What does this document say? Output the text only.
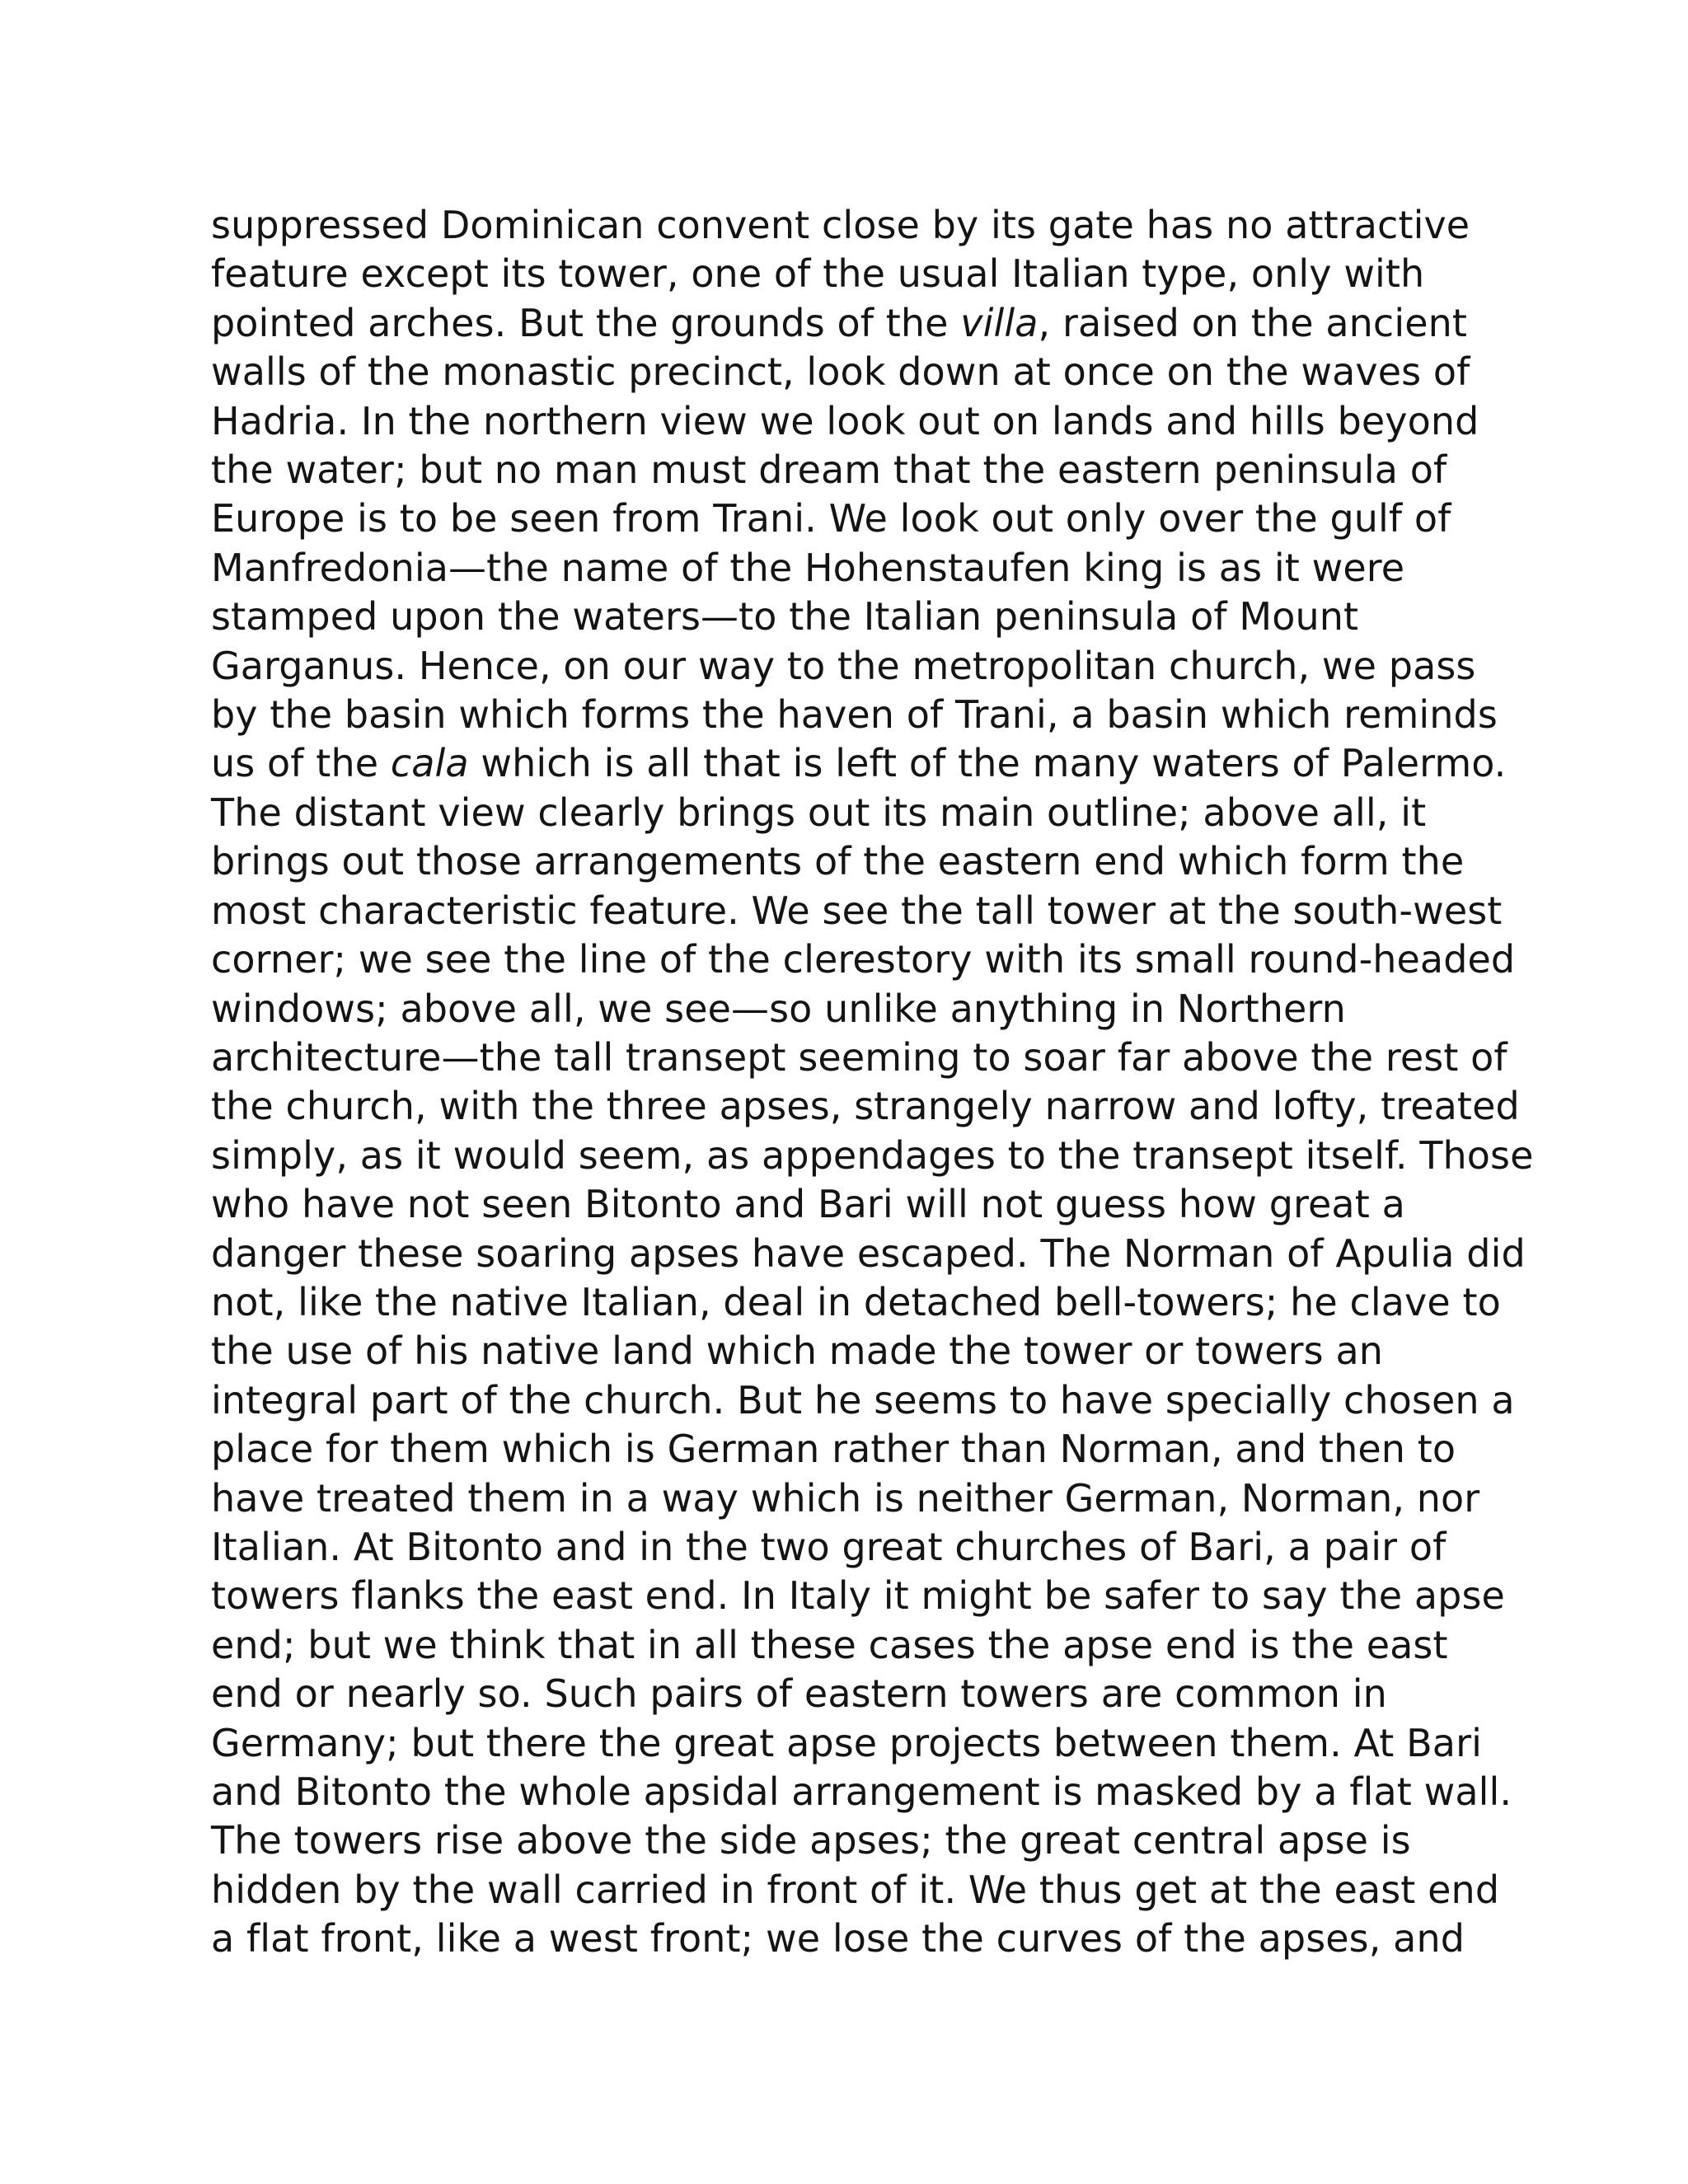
suppressed Dominican convent close by its gate has no attractive
feature except its tower, one of the usual Italian type, only with
pointed arches. But the grounds of the villa, raised on the ancient
walls of the monastic precinct, look down at once on the waves of
Hadria. In the northern view we look out on lands and hills beyond
the water; but no man must dream that the eastern peninsula of
Europe is to be seen from Trani. We look out only over the gulf of
Manfredonia—the name of the Hohenstaufen king is as it were
stamped upon the waters—to the Italian peninsula of Mount
Garganus. Hence, on our way to the metropolitan church, we pass
by the basin which forms the haven of Trani, a basin which reminds
us of the cala which is all that is left of the many waters of Palermo.
The distant view clearly brings out its main outline; above all, it
brings out those arrangements of the eastern end which form the
most characteristic feature. We see the tall tower at the south-west
corner; we see the line of the clerestory with its small round-headed
windows; above all, we see—so unlike anything in Northern
architecture—the tall transept seeming to soar far above the rest of
the church, with the three apses, strangely narrow and lofty, treated
simply, as it would seem, as appendages to the transept itself. Those
who have not seen Bitonto and Bari will not guess how great a
danger these soaring apses have escaped. The Norman of Apulia did
not, like the native Italian, deal in detached bell-towers; he clave to
the use of his native land which made the tower or towers an
integral part of the church. But he seems to have specially chosen a
place for them which is German rather than Norman, and then to
have treated them in a way which is neither German, Norman, nor
Italian. At Bitonto and in the two great churches of Bari, a pair of
towers flanks the east end. In Italy it might be safer to say the apse
end; but we think that in all these cases the apse end is the east
end or nearly so. Such pairs of eastern towers are common in
Germany; but there the great apse projects between them. At Bari
and Bitonto the whole apsidal arrangement is masked by a flat wall.
The towers rise above the side apses; the great central apse is
hidden by the wall carried in front of it. We thus get at the east end
a flat front, like a west front; we lose the curves of the apses, and
